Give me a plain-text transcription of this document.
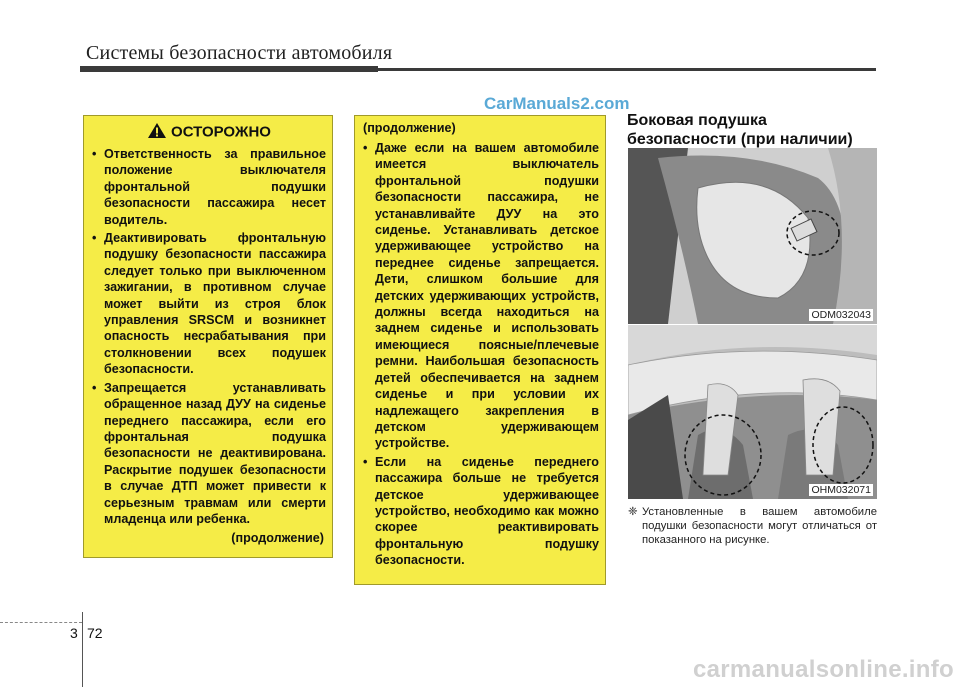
Системы безопасности автомобиля
CarManuals2.com
ОСТОРОЖНО
• Ответственность за правильное положение выключателя фронтальной подушки безопасности пассажира несет водитель.
• Деактивировать фронтальную подушку безопасности пассажира следует только при выключенном зажигании, в противном случае может выйти из строя блок управления SRSCM и возникнет опасность несрабатывания при столкновении всех подушек безопасности.
• Запрещается устанавливать обращенное назад ДУУ на сиденье переднего пассажира, если его фронтальная подушка безопасности не деактивирована. Раскрытие подушек безопасности в случае ДТП может привести к серьезным травмам или смерти младенца или ребенка.
(продолжение)
(продолжение)
• Даже если на вашем автомобиле имеется выключатель фронтальной подушки безопасности пассажира, не устанавливайте ДУУ на это сиденье. Устанавливать детское удерживающее устройство на переднее сиденье запрещается. Дети, слишком большие для детских удерживающих устройств, должны всегда находиться на заднем сиденье и использовать имеющиеся поясные/плечевые ремни. Наибольшая безопасность детей обеспечивается на заднем сиденье и при условии их надлежащего закрепления в детском удерживающем устройстве.
• Если на сиденье переднего пассажира больше не требуется детское удерживающее устройство, необходимо как можно скорее реактивировать фронтальную подушку безопасности.
Боковая подушка безопасности (при наличии)
ODM032043
OHM032071
❈ Установленные в вашем автомобиле подушки безопасности могут отличаться от показанного на рисунке.
3 72
carmanualsonline.info
